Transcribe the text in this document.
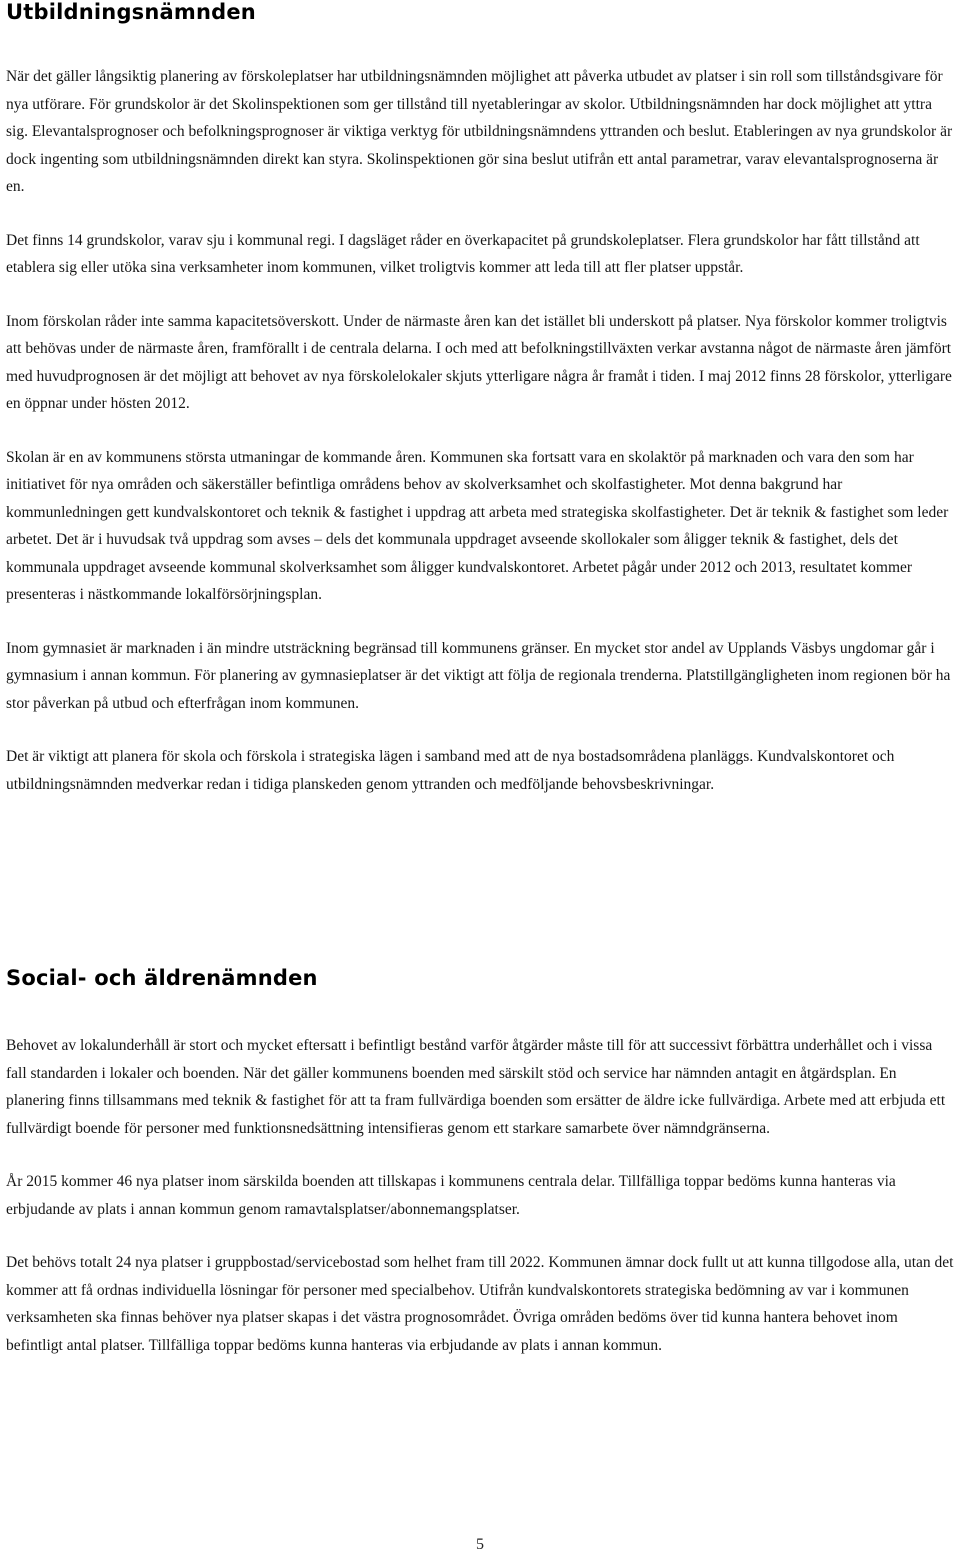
Utbildningsnämnden

När det gäller långsiktig planering av förskoleplatser har utbildningsnämnden möjlighet att påverka utbudet av platser i sin roll som tillståndsgivare för nya utförare. För grundskolor är det Skolinspektionen som ger tillstånd till nyetableringar av skolor. Utbildningsnämnden har dock möjlighet att yttra sig. Elevantalsprognoser och befolkningsprognoser är viktiga verktyg för utbildningsnämndens yttranden och beslut. Etableringen av nya grundskolor är dock ingenting som utbildningsnämnden direkt kan styra. Skolinspektionen gör sina beslut utifrån ett antal parametrar, varav elevantalsprognoserna är en.

Det finns 14 grundskolor, varav sju i kommunal regi. I dagsläget råder en överkapacitet på grundskoleplatser. Flera grundskolor har fått tillstånd att etablera sig eller utöka sina verksamheter inom kommunen, vilket troligtvis kommer att leda till att fler platser uppstår.

Inom förskolan råder inte samma kapacitetsöverskott. Under de närmaste åren kan det istället bli underskott på platser. Nya förskolor kommer troligtvis att behövas under de närmaste åren, framförallt i de centrala delarna. I och med att befolkningstillväxten verkar avstanna något de närmaste åren jämfört med huvudprognosen är det möjligt att behovet av nya förskolelokaler skjuts ytterligare några år framåt i tiden. I maj 2012 finns 28 förskolor, ytterligare en öppnar under hösten 2012.

Skolan är en av kommunens största utmaningar de kommande åren. Kommunen ska fortsatt vara en skolaktör på marknaden och vara den som har initiativet för nya områden och säkerställer befintliga områdens behov av skolverksamhet och skolfastigheter. Mot denna bakgrund har kommunledningen gett kundvalskontoret och teknik & fastighet i uppdrag att arbeta med strategiska skolfastigheter. Det är teknik & fastighet som leder arbetet. Det är i huvudsak två uppdrag som avses – dels det kommunala uppdraget avseende skollokaler som åligger teknik & fastighet, dels det kommunala uppdraget avseende kommunal skolverksamhet som åligger kundvalskontoret. Arbetet pågår under 2012 och 2013, resultatet kommer presenteras i nästkommande lokalförsörjningsplan.

Inom gymnasiet är marknaden i än mindre utsträckning begränsad till kommunens gränser. En mycket stor andel av Upplands Väsbys ungdomar går i gymnasium i annan kommun. För planering av gymnasieplatser är det viktigt att följa de regionala trenderna. Platstillgängligheten inom regionen bör ha stor påverkan på utbud och efterfrågan inom kommunen.

Det är viktigt att planera för skola och förskola i strategiska lägen i samband med att de nya bostadsområdena planläggs. Kundvalskontoret och utbildningsnämnden medverkar redan i tidiga planskeden genom yttranden och medföljande behovsbeskrivningar.

Social- och äldrenämnden

Behovet av lokalunderhåll är stort och mycket eftersatt i befintligt bestånd varför åtgärder måste till för att successivt förbättra underhållet och i vissa fall standarden i lokaler och boenden. När det gäller kommunens boenden med särskilt stöd och service har nämnden antagit en åtgärdsplan. En planering finns tillsammans med teknik & fastighet för att ta fram fullvärdiga boenden som ersätter de äldre icke fullvärdiga. Arbete med att erbjuda ett fullvärdigt boende för personer med funktionsnedsättning intensifieras genom ett starkare samarbete över nämndgränserna.

År 2015 kommer 46 nya platser inom särskilda boenden att tillskapas i kommunens centrala delar. Tillfälliga toppar bedöms kunna hanteras via erbjudande av plats i annan kommun genom ramavtalsplatser/abonnemangsplatser.

Det behövs totalt 24 nya platser i gruppbostad/servicebostad som helhet fram till 2022. Kommunen ämnar dock fullt ut att kunna tillgodose alla, utan det kommer att få ordnas individuella lösningar för personer med specialbehov. Utifrån kundvalskontorets strategiska bedömning av var i kommunen verksamheten ska finnas behöver nya platser skapas i det västra prognosområdet. Övriga områden bedöms över tid kunna hantera behovet inom befintligt antal platser. Tillfälliga toppar bedöms kunna hanteras via erbjudande av plats i annan kommun.

5
